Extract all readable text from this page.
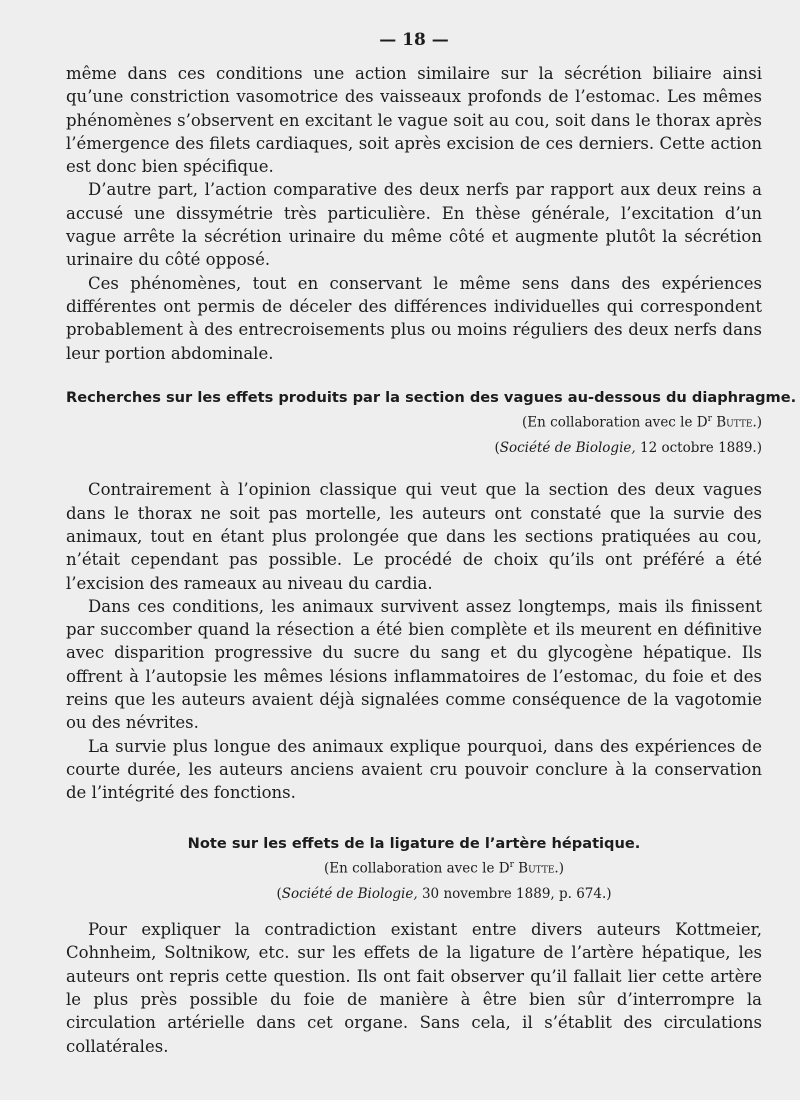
— 18 —

même dans ces conditions une action similaire sur la sécrétion biliaire ainsi qu’une constriction vasomotrice des vaisseaux profonds de l’estomac. Les mêmes phénomènes s’observent en excitant le vague soit au cou, soit dans le thorax après l’émergence des filets cardiaques, soit après excision de ces derniers. Cette action est donc bien spécifique.

D’autre part, l’action comparative des deux nerfs par rapport aux deux reins a accusé une dissymétrie très particulière. En thèse générale, l’excitation d’un vague arrête la sécrétion urinaire du même côté et augmente plutôt la sécrétion urinaire du côté opposé.

Ces phénomènes, tout en conservant le même sens dans des expériences différentes ont permis de déceler des différences individuelles qui correspondent probablement à des entrecroisements plus ou moins réguliers des deux nerfs dans leur portion abdominale.

Recherches sur les effets produits par la section des vagues au-dessous du diaphragme.
(En collaboration avec le $D^r$ Butte.)
(Société de Biologie, 12 octobre 1889.)

Contrairement à l’opinion classique qui veut que la section des deux vagues dans le thorax ne soit pas mortelle, les auteurs ont constaté que la survie des animaux, tout en étant plus prolongée que dans les sections pratiquées au cou, n’était cependant pas possible. Le procédé de choix qu’ils ont préféré a été l’excision des rameaux au niveau du cardia.

Dans ces conditions, les animaux survivent assez longtemps, mais ils finissent par succomber quand la résection a été bien complète et ils meurent en définitive avec disparition progressive du sucre du sang et du glycogène hépatique. Ils offrent à l’autopsie les mêmes lésions inflammatoires de l’estomac, du foie et des reins que les auteurs avaient déjà signalées comme conséquence de la vagotomie ou des névrites.

La survie plus longue des animaux explique pourquoi, dans des expériences de courte durée, les auteurs anciens avaient cru pouvoir conclure à la conservation de l’intégrité des fonctions.

Note sur les effets de la ligature de l’artère hépatique.
(En collaboration avec le $D^r$ Butte.)
(Société de Biologie, 30 novembre 1889, p. 674.)

Pour expliquer la contradiction existant entre divers auteurs Kottmeier, Cohnheim, Soltnikow, etc. sur les effets de la ligature de l’artère hépatique, les auteurs ont repris cette question. Ils ont fait observer qu’il fallait lier cette artère le plus près possible du foie de manière à être bien sûr d’interrompre la circulation artérielle dans cet organe. Sans cela, il s’établit des circulations collatérales.
